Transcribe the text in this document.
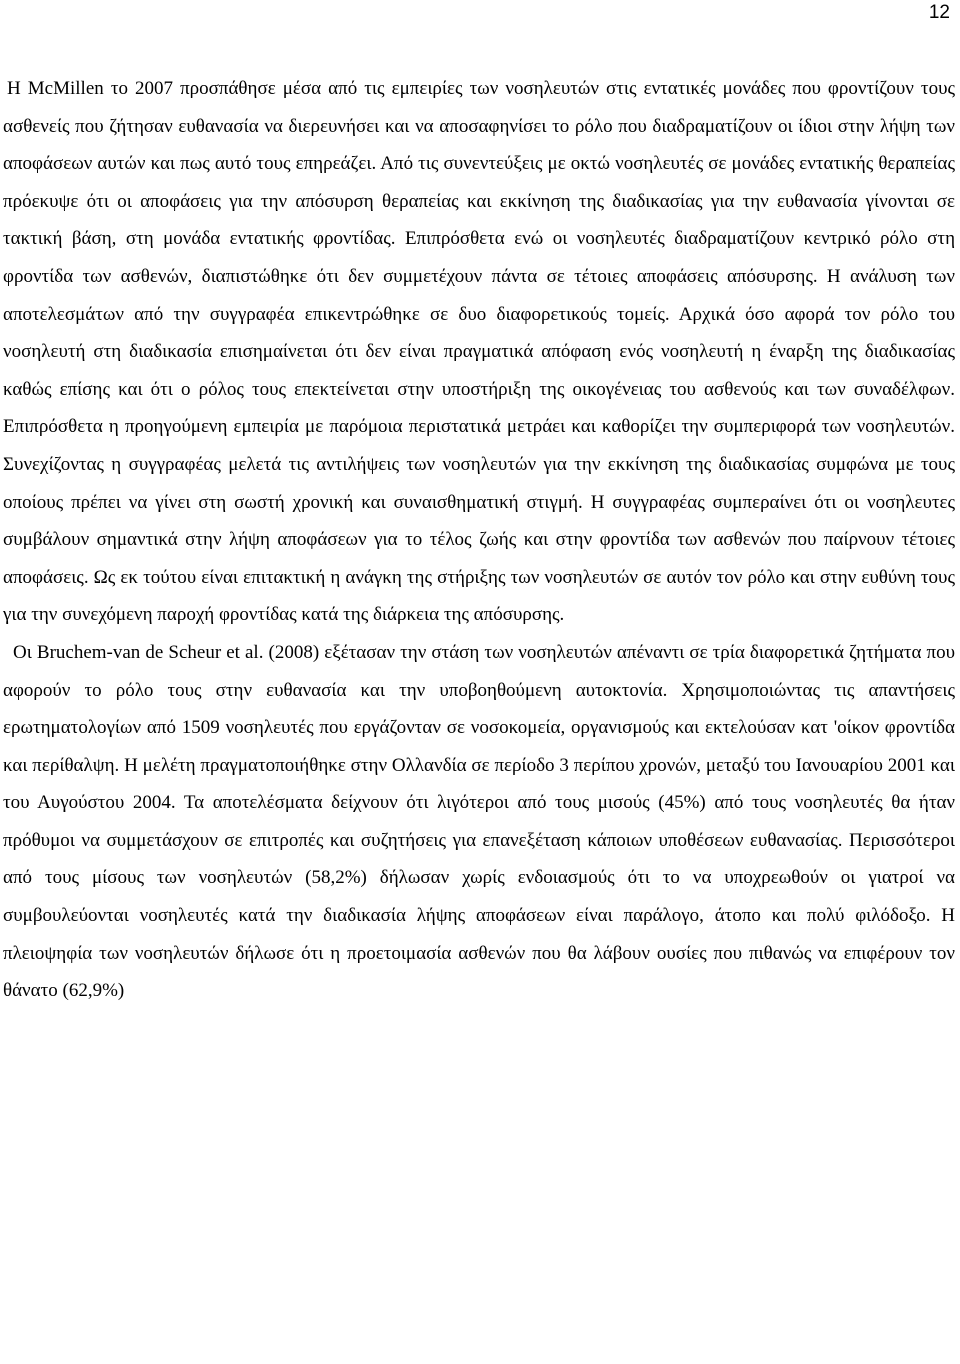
12

Η McMillen το 2007 προσπάθησε μέσα από τις εμπειρίες των νοσηλευτών στις εντατικές μονάδες που φροντίζουν τους ασθενείς που ζήτησαν ευθανασία να διερευνήσει και να αποσαφηνίσει το ρόλο που διαδραματίζουν οι ίδιοι στην λήψη των αποφάσεων αυτών και πως αυτό τους επηρεάζει. Από τις συνεντεύξεις με οκτώ νοσηλευτές σε μονάδες εντατικής θεραπείας πρόεκυψε ότι οι αποφάσεις για την απόσυρση θεραπείας και εκκίνηση της διαδικασίας για την ευθανασία γίνονται σε τακτική βάση, στη μονάδα εντατικής φροντίδας. Επιπρόσθετα ενώ οι νοσηλευτές διαδραματίζουν κεντρικό ρόλο στη φροντίδα των ασθενών, διαπιστώθηκε ότι δεν συμμετέχουν πάντα σε τέτοιες αποφάσεις απόσυρσης. Η ανάλυση των αποτελεσμάτων από την συγγραφέα επικεντρώθηκε σε δυο διαφορετικούς τομείς. Αρχικά όσο αφορά τον ρόλο του νοσηλευτή στη διαδικασία επισημαίνεται ότι δεν είναι πραγματικά απόφαση ενός νοσηλευτή η έναρξη της διαδικασίας καθώς επίσης και ότι ο ρόλος τους επεκτείνεται στην υποστήριξη της οικογένειας του ασθενούς και των συναδέλφων. Επιπρόσθετα η προηγούμενη εμπειρία με παρόμοια περιστατικά μετράει και καθορίζει την συμπεριφορά των νοσηλευτών. Συνεχίζοντας η συγγραφέας μελετά τις αντιλήψεις των νοσηλευτών για την εκκίνηση της διαδικασίας συμφώνα με τους οποίους πρέπει να γίνει στη σωστή χρονική και συναισθηματική στιγμή. Η συγγραφέας συμπεραίνει ότι οι νοσηλευτες συμβάλουν σημαντικά στην λήψη αποφάσεων για το τέλος ζωής και στην φροντίδα των ασθενών που παίρνουν τέτοιες αποφάσεις. Ως εκ τούτου είναι επιτακτική η ανάγκη της στήριξης των νοσηλευτών σε αυτόν τον ρόλο και στην ευθύνη τους για την συνεχόμενη παροχή φροντίδας κατά της διάρκεια της απόσυρσης.

Οι Bruchem-van de Scheur et al. (2008) εξέτασαν την στάση των νοσηλευτών απέναντι σε τρία διαφορετικά ζητήματα που αφορούν το ρόλο τους στην ευθανασία και την υποβοηθούμενη αυτοκτονία. Χρησιμοποιώντας τις απαντήσεις ερωτηματολογίων από 1509 νοσηλευτές που εργάζονταν σε νοσοκομεία, οργανισμούς και εκτελούσαν κατ 'οίκον φροντίδα και περίθαλψη. Η μελέτη πραγματοποιήθηκε στην Ολλανδία σε περίοδο 3 περίπου χρονών, μεταξύ του Ιανουαρίου 2001 και του Αυγούστου 2004. Τα αποτελέσματα δείχνουν ότι λιγότεροι από τους μισούς (45%) από τους νοσηλευτές θα ήταν πρόθυμοι να συμμετάσχουν σε επιτροπές και συζητήσεις για επανεξέταση κάποιων υποθέσεων ευθανασίας. Περισσότεροι από τους μίσους των νοσηλευτών (58,2%) δήλωσαν χωρίς ενδοιασμούς ότι το να υποχρεωθούν οι γιατροί να συμβουλεύονται νοσηλευτές κατά την διαδικασία λήψης αποφάσεων είναι παράλογο, άτοπο και πολύ φιλόδοξο. Η πλειοψηφία των νοσηλευτών δήλωσε ότι η προετοιμασία ασθενών που θα λάβουν ουσίες που πιθανώς να επιφέρουν τον θάνατο (62,9%)
